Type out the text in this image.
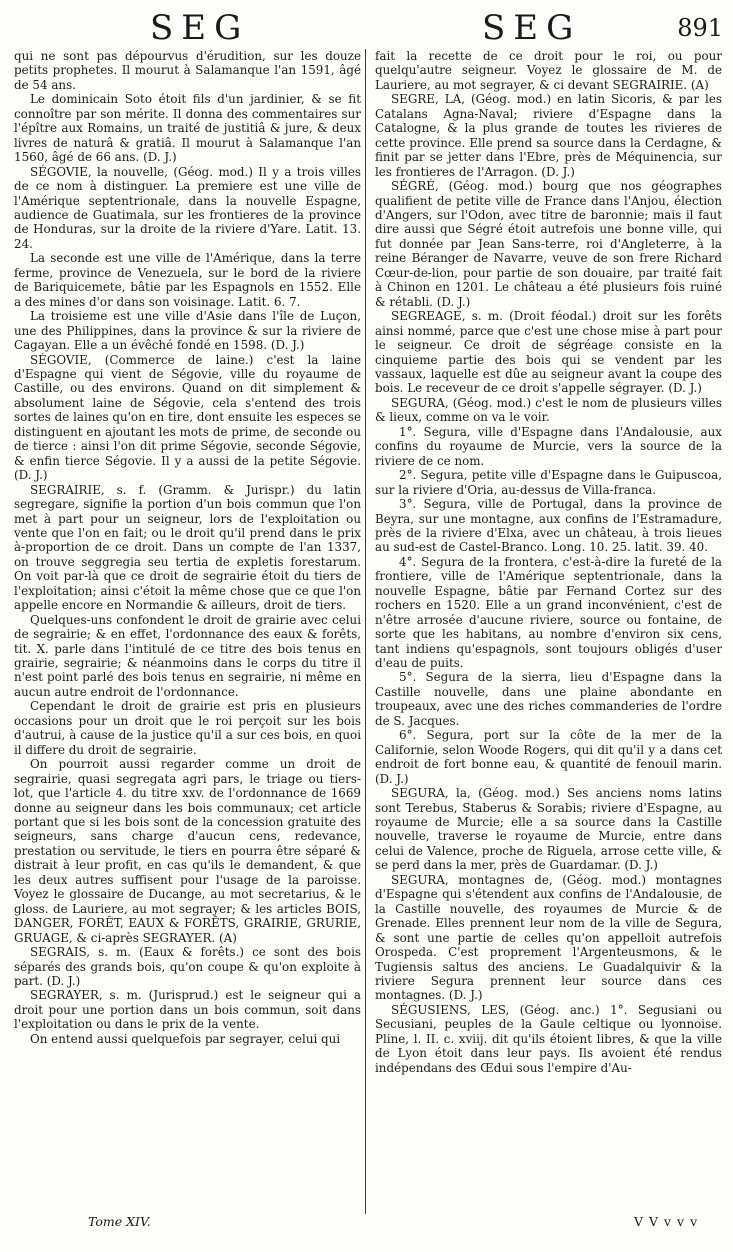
SEG	SEG	891

qui ne sont pas dépourvus d'érudition, sur les douze petits prophetes. Il mourut à Salamanque l'an 1591, âgé de 54 ans.

Le dominicain Soto étoit fils d'un jardinier, & se fit connoître par son mérite. Il donna des commentaires sur l'épître aux Romains, un traité de justitiâ & jure, & deux livres de naturâ & gratiâ. Il mourut à Salamanque l'an 1560, âgé de 66 ans. (D. J.)

SÉGOVIE, la nouvelle, (Géog. mod.) Il y a trois villes de ce nom à distinguer. La premiere est une ville de l'Amérique septentrionale, dans la nouvelle Espagne, audience de Guatimala, sur les frontieres de la province de Honduras, sur la droite de la riviere d'Yare. Latit. 13. 24.

La seconde est une ville de l'Amérique, dans la terre ferme, province de Venezuela, sur le bord de la riviere de Bariquicemete, bâtie par les Espagnols en 1552. Elle a des mines d'or dans son voisinage. Latit. 6. 7.

La troisieme est une ville d'Asie dans l'île de Luçon, une des Philippines, dans la province & sur la riviere de Cagayan. Elle a un évêché fondé en 1598. (D. J.)

SÉGOVIE, (Commerce de laine.) c'est la laine d'Espagne qui vient de Ségovie, ville du royaume de Castille, ou des environs. Quand on dit simplement & absolument laine de Ségovie, cela s'entend des trois sortes de laines qu'on en tire, dont ensuite les especes se distinguent en ajoutant les mots de prime, de seconde ou de tierce : ainsi l'on dit prime Ségovie, seconde Ségovie, & enfin tierce Ségovie. Il y a aussi de la petite Ségovie. (D. J.)

SEGRAIRIE, s. f. (Gramm. & Jurispr.) du latin segregare, signifie la portion d'un bois commun que l'on met à part pour un seigneur, lors de l'exploitation ou vente que l'on en fait; ou le droit qu'il prend dans le prix à-proportion de ce droit. Dans un compte de l'an 1337, on trouve seggregia seu tertia de expletis forestarum. On voit par-là que ce droit de segrairie étoit du tiers de l'exploitation; ainsi c'étoit la même chose que ce que l'on appelle encore en Normandie & ailleurs, droit de tiers.

Quelques-uns confondent le droit de grairie avec celui de segrairie; & en effet, l'ordonnance des eaux & forêts, tit. X. parle dans l'intitulé de ce titre des bois tenus en grairie, segrairie; & néanmoins dans le corps du titre il n'est point parlé des bois tenus en segrairie, ni même en aucun autre endroit de l'ordonnance.

Cependant le droit de grairie est pris en plusieurs occasions pour un droit que le roi perçoit sur les bois d'autrui, à cause de la justice qu'il a sur ces bois, en quoi il differe du droit de segrairie.

On pourroit aussi regarder comme un droit de segrairie, quasi segregata agri pars, le triage ou tiers-lot, que l'article 4. du titre xxv. de l'ordonnance de 1669 donne au seigneur dans les bois communaux; cet article portant que si les bois sont de la concession gratuite des seigneurs, sans charge d'aucun cens, redevance, prestation ou servitude, le tiers en pourra être séparé & distrait à leur profit, en cas qu'ils le demandent, & que les deux autres suffisent pour l'usage de la paroisse. Voyez le glossaire de Ducange, au mot secretarius, & le gloss. de Lauriere, au mot segrayer; & les articles BOIS, DANGER, FORÊT, EAUX & FORÊTS, GRAIRIE, GRURIE, GRUAGE, & ci-après SEGRAYER. (A)

SEGRAIS, s. m. (Eaux & forêts.) ce sont des bois séparés des grands bois, qu'on coupe & qu'on exploite à part. (D. J.)

SEGRAYER, s. m. (Jurisprud.) est le seigneur qui a droit pour une portion dans un bois commun, soit dans l'exploitation ou dans le prix de la vente.

On entend aussi quelquefois par segrayer, celui qui

fait la recette de ce droit pour le roi, ou pour quelqu'autre seigneur. Voyez le glossaire de M. de Lauriere, au mot segrayer, & ci devant SEGRAIRIE. (A)

SEGRE, LA, (Géog. mod.) en latin Sicoris, & par les Catalans Agna-Naval; riviere d'Espagne dans la Catalogne, & la plus grande de toutes les rivieres de cette province. Elle prend sa source dans la Cerdagne, & finit par se jetter dans l'Ebre, près de Méquinencia, sur les frontieres de l'Arragon. (D. J.)

SÉGRÉ, (Géog. mod.) bourg que nos géographes qualifient de petite ville de France dans l'Anjou, élection d'Angers, sur l'Odon, avec titre de baronnie; mais il faut dire aussi que Ségré étoit autrefois une bonne ville, qui fut donnée par Jean Sans-terre, roi d'Angleterre, à la reine Béranger de Navarre, veuve de son frere Richard Cœur-de-lion, pour partie de son douaire, par traité fait à Chinon en 1201. Le château a été plusieurs fois ruiné & rétabli. (D. J.)

SEGREAGE, s. m. (Droit féodal.) droit sur les forêts ainsi nommé, parce que c'est une chose mise à part pour le seigneur. Ce droit de ségréage consiste en la cinquieme partie des bois qui se vendent par les vassaux, laquelle est dûe au seigneur avant la coupe des bois. Le receveur de ce droit s'appelle ségrayer. (D. J.)

SEGURA, (Géog. mod.) c'est le nom de plusieurs villes & lieux, comme on va le voir.

1°. Segura, ville d'Espagne dans l'Andalousie, aux confins du royaume de Murcie, vers la source de la riviere de ce nom.

2°. Segura, petite ville d'Espagne dans le Guipuscoa, sur la riviere d'Oria, au-dessus de Villa-franca.

3°. Segura, ville de Portugal, dans la province de Beyra, sur une montagne, aux confins de l'Estramadure, près de la riviere d'Elxa, avec un château, à trois lieues au sud-est de Castel-Branco. Long. 10. 25. latit. 39. 40.

4°. Segura de la frontera, c'est-à-dire la fureté de la frontiere, ville de l'Amérique septentrionale, dans la nouvelle Espagne, bâtie par Fernand Cortez sur des rochers en 1520. Elle a un grand inconvénient, c'est de n'être arrosée d'aucune riviere, source ou fontaine, de sorte que les habitans, au nombre d'environ six cens, tant indiens qu'espagnols, sont toujours obligés d'user d'eau de puits.

5°. Segura de la sierra, lieu d'Espagne dans la Castille nouvelle, dans une plaine abondante en troupeaux, avec une des riches commanderies de l'ordre de S. Jacques.

6°. Segura, port sur la côte de la mer de la Californie, selon Woode Rogers, qui dit qu'il y a dans cet endroit de fort bonne eau, & quantité de fenouil marin. (D. J.)

SEGURA, la, (Géog. mod.) Ses anciens noms latins sont Terebus, Staberus & Sorabis; riviere d'Espagne, au royaume de Murcie; elle a sa source dans la Castille nouvelle, traverse le royaume de Murcie, entre dans celui de Valence, proche de Riguela, arrose cette ville, & se perd dans la mer, près de Guardamar. (D. J.)

SEGURA, montagnes de, (Géog. mod.) montagnes d'Espagne qui s'étendent aux confins de l'Andalousie, de la Castille nouvelle, des royaumes de Murcie & de Grenade. Elles prennent leur nom de la ville de Segura, & sont une partie de celles qu'on appelloit autrefois Orospeda. C'est proprement l'Argenteusmons, & le Tugiensis saltus des anciens. Le Guadalquivir & la riviere Segura prennent leur source dans ces montagnes. (D. J.)

SÉGUSIENS, LES, (Géog. anc.) 1°. Segusiani ou Secusiani, peuples de la Gaule celtique ou lyonnoise. Pline, l. II. c. xviij. dit qu'ils étoient libres, & que la ville de Lyon étoit dans leur pays. Ils avoient été rendus indépendans des Œdui sous l'empire d'Au-

Tome XIV.	V V v v v
